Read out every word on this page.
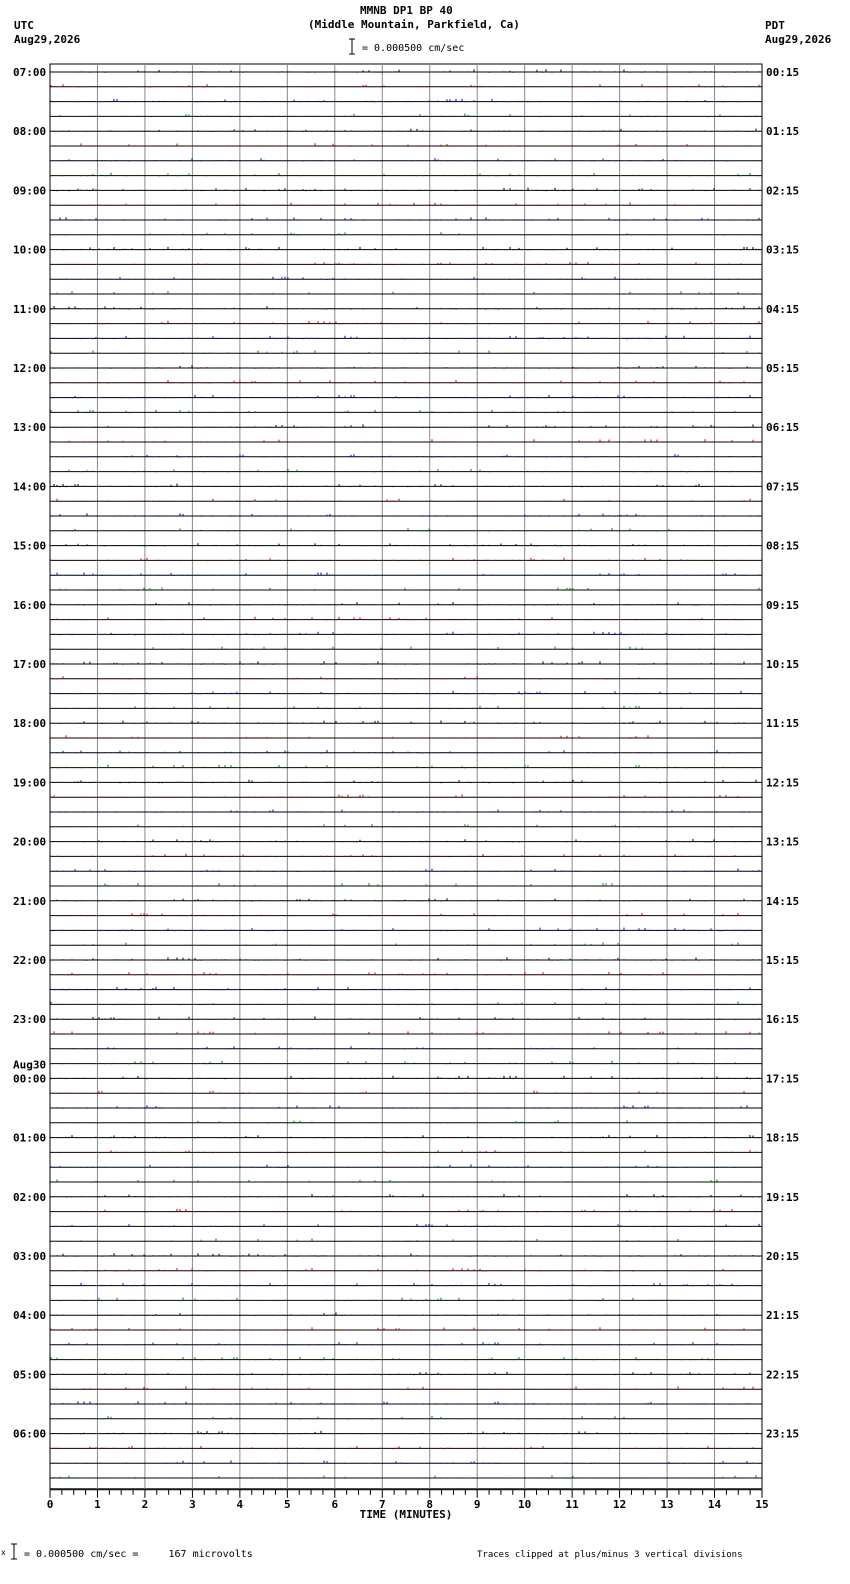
MMNB DP1 BP 40
(Middle Mountain, Parkfield, Ca)
UTC
Aug29,2026
PDT
Aug29,2026
= 0.000500 cm/sec
07:00
08:00
09:00
10:00
11:00
12:00
13:00
14:00
15:00
16:00
17:00
18:00
19:00
20:00
21:00
22:00
23:00
00:00
Aug30
01:00
02:00
03:00
04:00
05:00
06:00
00:15
01:15
02:15
03:15
04:15
05:15
06:15
07:15
08:15
09:15
10:15
11:15
12:15
13:15
14:15
15:15
16:15
17:15
18:15
19:15
20:15
21:15
22:15
23:15
0	1	2	3	4	5	6	7	8	9	10	11	12	13	14	15
TIME (MINUTES)
x = 0.000500 cm/sec =     167 microvolts	Traces clipped at plus/minus 3 vertical divisions
